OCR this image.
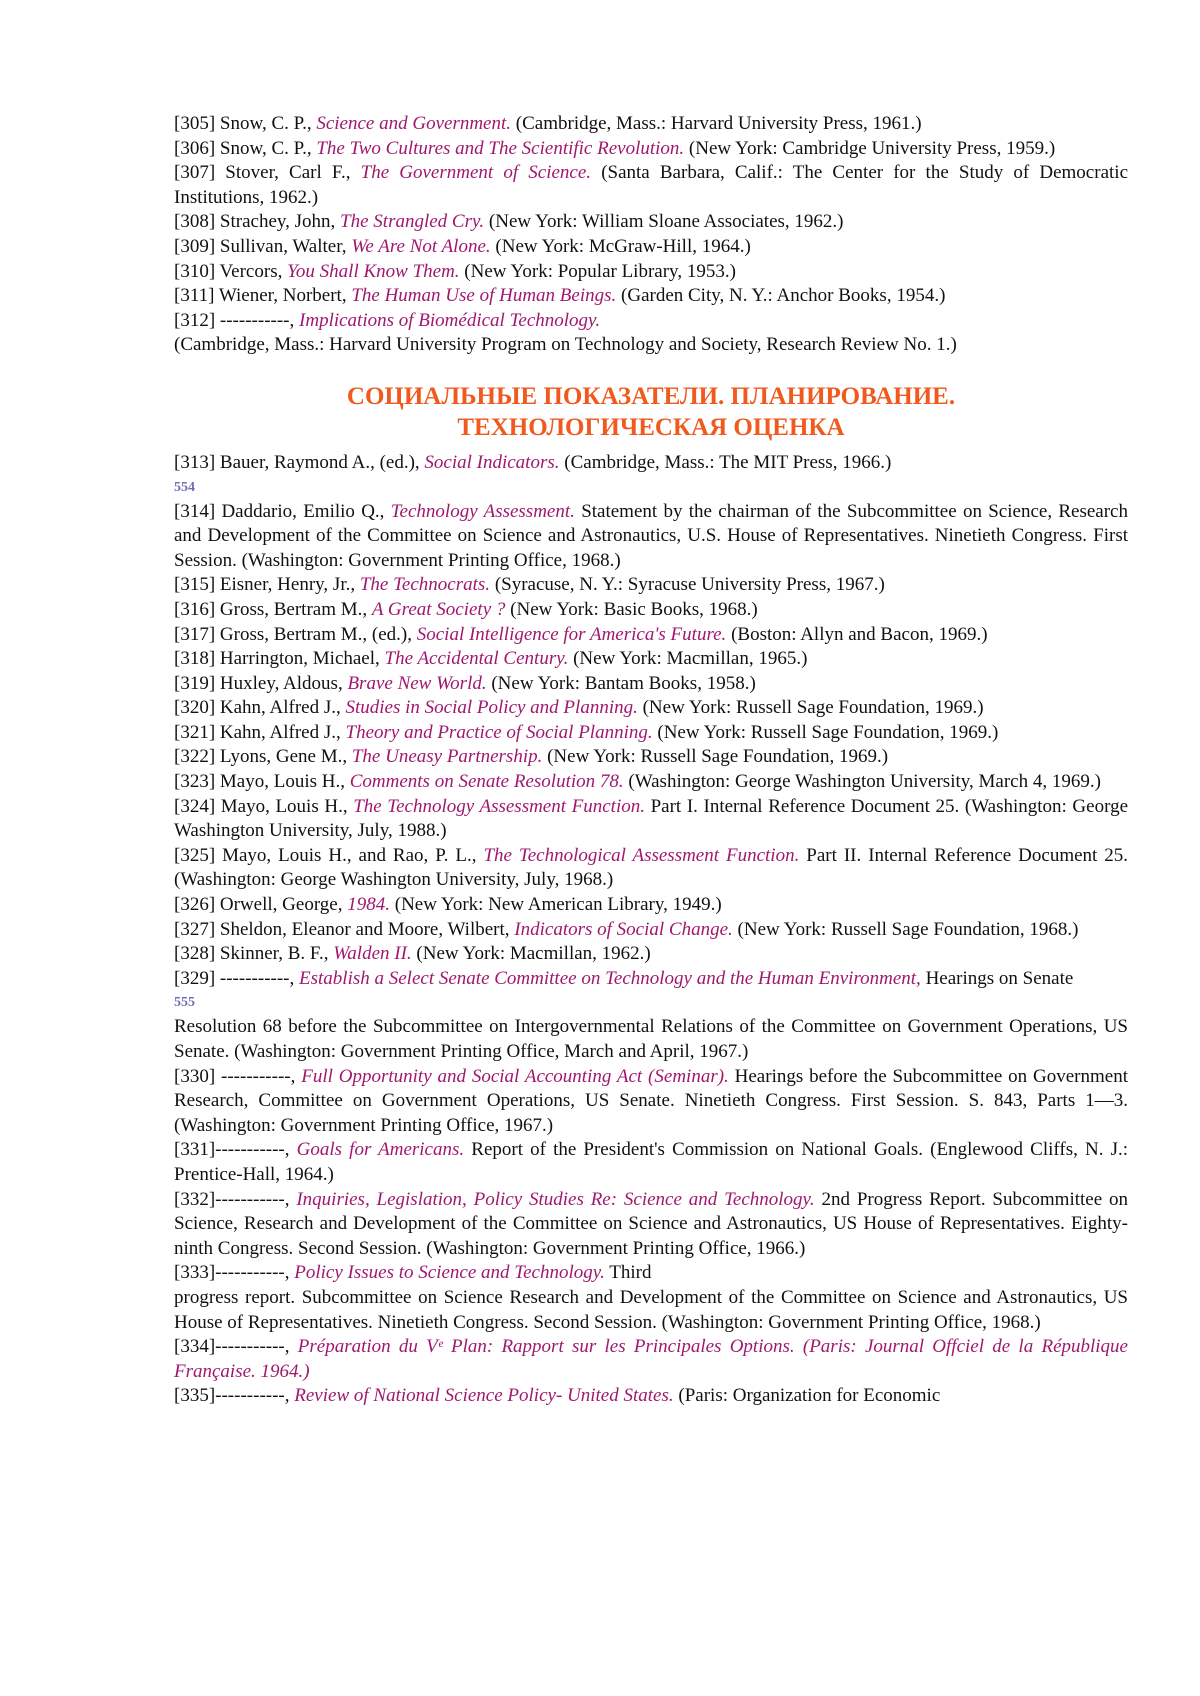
[305] Snow, C. P., Science and Government. (Cambridge, Mass.: Harvard University Press, 1961.)

[306] Snow, C. P., The Two Cultures and The Scientific Revolution. (New York: Cambridge University Press, 1959.)

[307] Stover, Carl F., The Government of Science. (Santa Barbara, Calif.: The Center for the Study of Democratic Institutions, 1962.)

[308] Strachey, John, The Strangled Cry. (New York: William Sloane Associates, 1962.)

[309] Sullivan, Walter, We Are Not Alone. (New York: McGraw-Hill, 1964.)

[310] Vercors, You Shall Know Them. (New York: Popular Library, 1953.)

[311] Wiener, Norbert, The Human Use of Human Beings. (Garden City, N. Y.: Anchor Books, 1954.)

[312] -----------, Implications of Biomédical Technology.

(Cambridge, Mass.: Harvard University Program on Technology and Society, Research Review No. 1.)

СОЦИАЛЬНЫЕ ПОКАЗАТЕЛИ. ПЛАНИРОВАНИЕ.
ТЕХНОЛОГИЧЕСКАЯ ОЦЕНКА

[313] Bauer, Raymond A., (ed.), Social Indicators. (Cambridge, Mass.: The MIT Press, 1966.)

554

[314] Daddario, Emilio Q., Technology Assessment. Statement by the chairman of the Subcommittee on Science, Research and Development of the Committee on Science and Astronautics, U.S. House of Representatives. Ninetieth Congress. First Session. (Washington: Government Printing Office, 1968.)

[315] Eisner, Henry, Jr., The Technocrats. (Syracuse, N. Y.: Syracuse University Press, 1967.)

[316] Gross, Bertram M., A Great Society ? (New York: Basic Books, 1968.)

[317] Gross, Bertram M., (ed.), Social Intelligence for America's Future. (Boston: Allyn and Bacon, 1969.)

[318] Harrington, Michael, The Accidental Century. (New York: Macmillan, 1965.)

[319] Huxley, Aldous, Brave New World. (New York: Bantam Books, 1958.)

[320] Kahn, Alfred J., Studies in Social Policy and Planning. (New York: Russell Sage Foundation, 1969.)

[321] Kahn, Alfred J., Theory and Practice of Social Planning. (New York: Russell Sage Foundation, 1969.)

[322] Lyons, Gene M., The Uneasy Partnership. (New York: Russell Sage Foundation, 1969.)

[323] Mayo, Louis H., Comments on Senate Resolution 78. (Washington: George Washington University, March 4, 1969.)

[324] Mayo, Louis H., The Technology Assessment Function. Part I. Internal Reference Document 25. (Washington: George Washington University, July, 1988.)

[325] Mayo, Louis H., and Rao, P. L., The Technological Assessment Function. Part II. Internal Reference Document 25. (Washington: George Washington University, July, 1968.)

[326] Orwell, George, 1984. (New York: New American Library, 1949.)

[327] Sheldon, Eleanor and Moore, Wilbert, Indicators of Social Change. (New York: Russell Sage Foundation, 1968.)

[328] Skinner, B. F., Walden II. (New York: Macmillan, 1962.)

[329] -----------, Establish a Select Senate Committee on Technology and the Human Environment, Hearings on Senate

555

Resolution 68 before the Subcommittee on Intergovernmental Relations of the Committee on Government Operations, US Senate. (Washington: Government Printing Office, March and April, 1967.)

[330] -----------, Full Opportunity and Social Accounting Act (Seminar). Hearings before the Subcommittee on Government Research, Committee on Government Operations, US Senate. Ninetieth Congress. First Session. S. 843, Parts 1—3. (Washington: Government Printing Office, 1967.)

[331]-----------, Goals for Americans. Report of the President's Commission on National Goals. (Englewood Cliffs, N. J.: Prentice-Hall, 1964.)

[332]-----------, Inquiries, Legislation, Policy Studies Re: Science and Technology. 2nd Progress Report. Subcommittee on Science, Research and Development of the Committee on Science and Astronautics, US House of Representatives. Eighty-ninth Congress. Second Session. (Washington: Government Printing Office, 1966.)

[333]-----------, Policy Issues to Science and Technology. Third

progress report. Subcommittee on Science Research and Development of the Committee on Science and Astronautics, US House of Representatives. Ninetieth Congress. Second Session. (Washington: Government Printing Office, 1968.)

[334]-----------, Préparation du Vᵉ Plan: Rapport sur les Principales Options. (Paris: Journal Offciel de la République Française. 1964.)

[335]-----------, Review of National Science Policy- United States. (Paris: Organization for Economic
